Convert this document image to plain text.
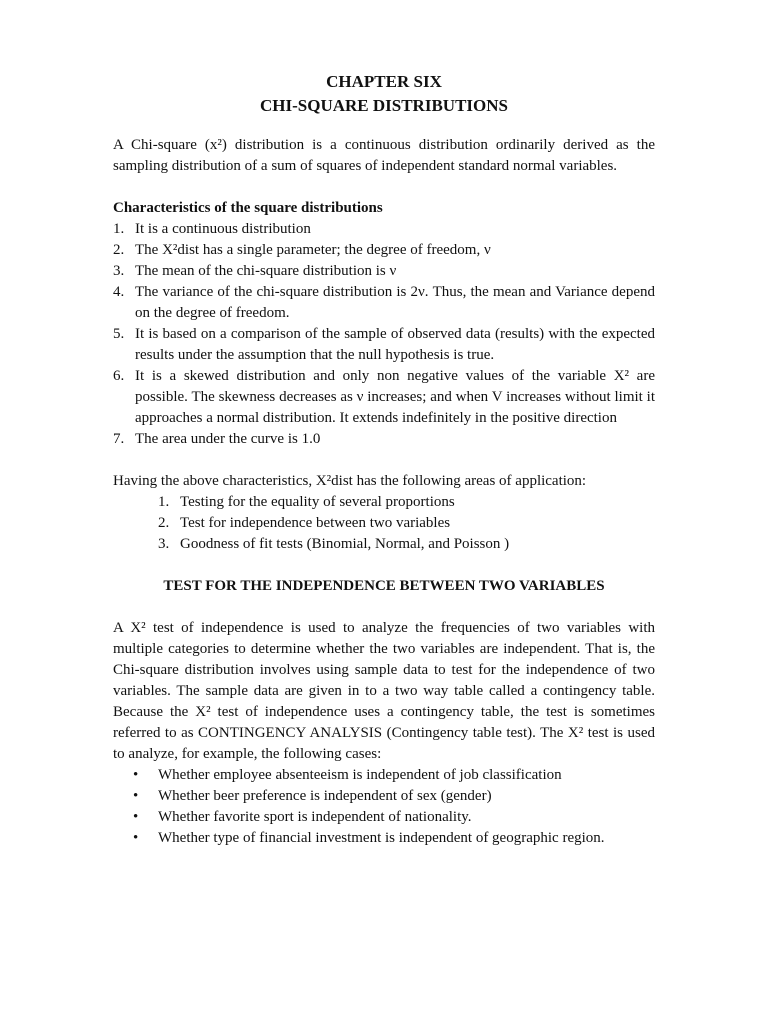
CHAPTER SIX
CHI-SQUARE DISTRIBUTIONS

A Chi-square (x²) distribution is a continuous distribution ordinarily derived as the sampling distribution of a sum of squares of independent standard normal variables.

Characteristics of the square distributions

1. It is a continuous distribution
2. The X²dist has a single parameter; the degree of freedom, ν
3. The mean of the chi-square distribution is ν
4. The variance of the chi-square distribution is 2ν. Thus, the mean and Variance depend on the degree of freedom.
5. It is based on a comparison of the sample of observed data (results) with the expected results under the assumption that the null hypothesis is true.
6. It is a skewed distribution and only non negative values of the variable X² are possible. The skewness decreases as ν increases; and when V increases without limit it approaches a normal distribution. It extends indefinitely in the positive direction
7. The area under the curve is 1.0

Having the above characteristics, X²dist has the following areas of application:

1. Testing for the equality of several proportions
2. Test for independence between two variables
3. Goodness of fit tests (Binomial, Normal, and Poisson )

TEST FOR THE INDEPENDENCE BETWEEN TWO VARIABLES

A X² test of independence is used to analyze the frequencies of two variables with multiple categories to determine whether the two variables are independent. That is, the Chi-square distribution involves using sample data to test for the independence of two variables. The sample data are given in to a two way table called a contingency table. Because the X² test of independence uses a contingency table, the test is sometimes referred to as CONTINGENCY ANALYSIS (Contingency table test). The X² test is used to analyze, for example, the following cases:

• Whether employee absenteeism is independent of job classification
• Whether beer preference is independent of sex (gender)
• Whether favorite sport is independent of nationality.
• Whether type of financial investment is independent of geographic region.
